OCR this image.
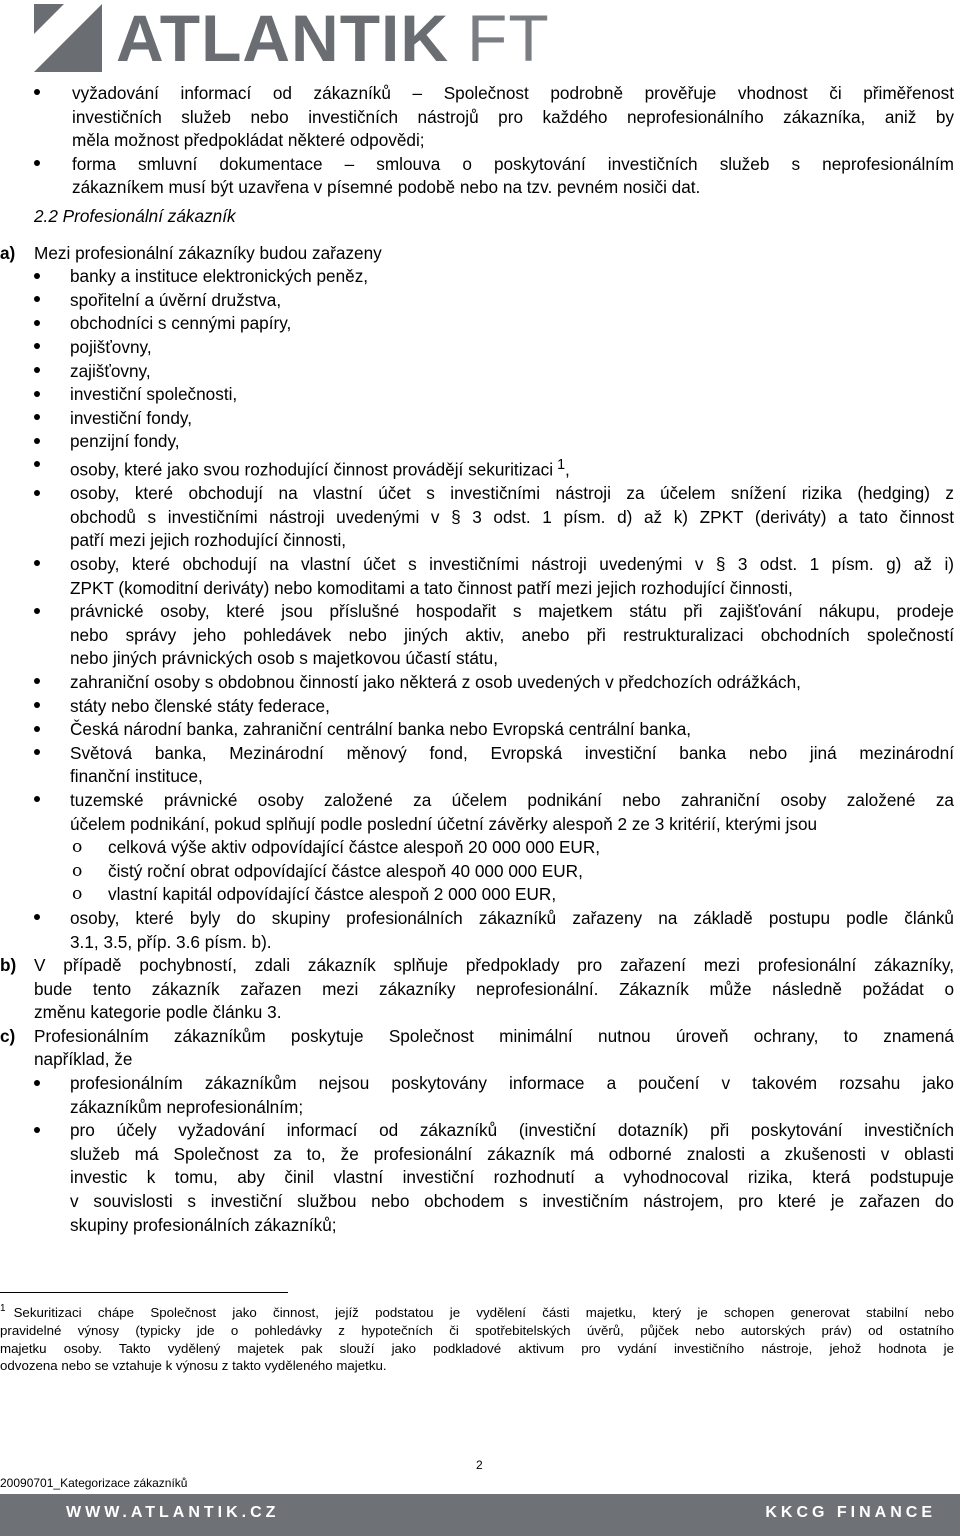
ATLANTIK FT
vyžadování informací od zákazníků – Společnost podrobně prověřuje vhodnost či přiměřenost
investičních služeb nebo investičních nástrojů pro každého neprofesionálního zákazníka, aniž by
měla možnost předpokládat některé odpovědi;
forma smluvní dokumentace – smlouva o poskytování investičních služeb s neprofesionálním
zákazníkem musí být uzavřena v písemné podobě nebo na tzv. pevném nosiči dat.
2.2 Profesionální zákazník
a)	Mezi profesionální zákazníky budou zařazeny
banky a instituce elektronických peněz,
spořitelní a úvěrní družstva,
obchodníci s cennými papíry,
pojišťovny,
zajišťovny,
investiční společnosti,
investiční fondy,
penzijní fondy,
osoby, které jako svou rozhodující činnost provádějí sekuritizaci $^1$,
osoby, které obchodují na vlastní účet s investičními nástroji za účelem snížení rizika (hedging) z
obchodů s investičními nástroji uvedenými v § 3 odst. 1 písm. d) až k) ZPKT (deriváty) a tato činnost
patří mezi jejich rozhodující činnosti,
osoby, které obchodují na vlastní účet s investičními nástroji uvedenými v § 3 odst. 1 písm. g) až i)
ZPKT (komoditní deriváty) nebo komoditami a tato činnost patří mezi jejich rozhodující činnosti,
právnické osoby, které jsou příslušné hospodařit s majetkem státu při zajišťování nákupu, prodeje
nebo správy jeho pohledávek nebo jiných aktiv, anebo při restrukturalizaci obchodních společností
nebo jiných právnických osob s majetkovou účastí státu,
zahraniční osoby s obdobnou činností jako některá z osob uvedených v předchozích odrážkách,
státy nebo členské státy federace,
Česká národní banka, zahraniční centrální banka nebo Evropská centrální banka,
Světová banka, Mezinárodní měnový fond, Evropská investiční banka nebo jiná mezinárodní
finanční instituce,
tuzemské právnické osoby založené za účelem podnikání nebo zahraniční osoby založené za
účelem podnikání, pokud splňují podle poslední účetní závěrky alespoň 2 ze 3 kritérií, kterými jsou
o	celková výše aktiv odpovídající částce alespoň 20 000 000 EUR,
o	čistý roční obrat odpovídající částce alespoň 40 000 000 EUR,
o	vlastní kapitál odpovídající částce alespoň 2 000 000 EUR,
osoby, které byly do skupiny profesionálních zákazníků zařazeny na základě postupu podle článků
3.1, 3.5, příp. 3.6 písm. b).
b)	V případě pochybností, zdali zákazník splňuje předpoklady pro zařazení mezi profesionální zákazníky,
bude tento zákazník zařazen mezi zákazníky neprofesionální. Zákazník může následně požádat o
změnu kategorie podle článku 3.
c)	Profesionálním zákazníkům poskytuje Společnost minimální nutnou úroveň ochrany, to znamená
například, že
profesionálním zákazníkům nejsou poskytovány informace a poučení v takovém rozsahu jako
zákazníkům neprofesionálním;
pro účely vyžadování informací od zákazníků (investiční dotazník) při poskytování investičních
služeb má Společnost za to, že profesionální zákazník má odborné znalosti a zkušenosti v oblasti
investic k tomu, aby činil vlastní investiční rozhodnutí a vyhodnocoval rizika, která podstupuje
v souvislosti s investiční službou nebo obchodem s investičním nástrojem, pro které je zařazen do
skupiny profesionálních zákazníků;
$^1$ Sekuritizaci chápe Společnost jako činnost, jejíž podstatou je vydělení části majetku, který je schopen generovat stabilní nebo
pravidelné výnosy (typicky jde o pohledávky z hypotečních či spotřebitelských úvěrů, půjček nebo autorských práv) od ostatního
majetku osoby. Takto vydělený majetek pak slouží jako podkladové aktivum pro vydání investičního nástroje, jehož hodnota je
odvozena nebo se vztahuje k výnosu z takto vyděleného majetku.
2
20090701_Kategorizace zákazníků
WWW.ATLANTIK.CZ	KKCG FINANCE
